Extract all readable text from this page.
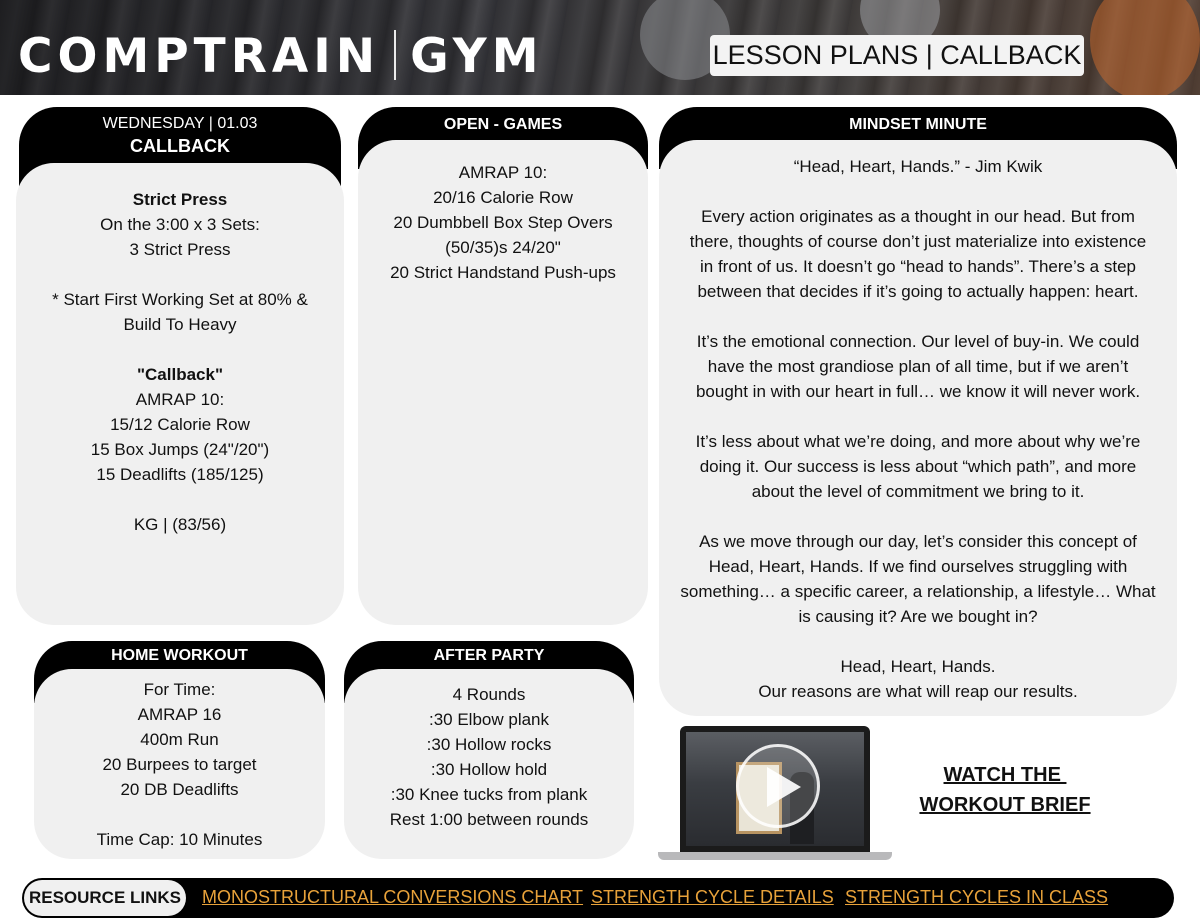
COMPTRAIN GYM	LESSON PLANS | CALLBACK
WEDNESDAY | 01.03
CALLBACK
Strict Press
On the 3:00 x 3 Sets:
3 Strict Press
* Start First Working Set at 80% &
Build To Heavy
"Callback"
AMRAP 10:
15/12 Calorie Row
15 Box Jumps (24"/20")
15 Deadlifts (185/125)
KG | (83/56)
OPEN - GAMES
AMRAP 10:
20/16 Calorie Row
20 Dumbbell Box Step Overs
(50/35)s 24/20"
20 Strict Handstand Push-ups
MINDSET MINUTE
“Head, Heart, Hands.” - Jim Kwik
Every action originates as a thought in our head. But from
there, thoughts of course don’t just materialize into existence
in front of us. It doesn’t go “head to hands”. There’s a step
between that decides if it’s going to actually happen: heart.
It’s the emotional connection. Our level of buy-in. We could
have the most grandiose plan of all time, but if we aren’t
bought in with our heart in full… we know it will never work.
It’s less about what we’re doing, and more about why we’re
doing it. Our success is less about “which path”, and more
about the level of commitment we bring to it.
As we move through our day, let’s consider this concept of
Head, Heart, Hands. If we find ourselves struggling with
something… a specific career, a relationship, a lifestyle… What
is causing it? Are we bought in?
Head, Heart, Hands.
Our reasons are what will reap our results.
HOME WORKOUT
For Time:
AMRAP 16
400m Run
20 Burpees to target
20 DB Deadlifts
Time Cap: 10 Minutes
AFTER PARTY
4 Rounds
:30 Elbow plank
:30 Hollow rocks
:30 Hollow hold
:30 Knee tucks from plank
Rest 1:00 between rounds
WATCH THE
WORKOUT BRIEF
RESOURCE LINKS MONOSTRUCTURAL CONVERSIONS CHART STRENGTH CYCLE DETAILS STRENGTH CYCLES IN CLASS
